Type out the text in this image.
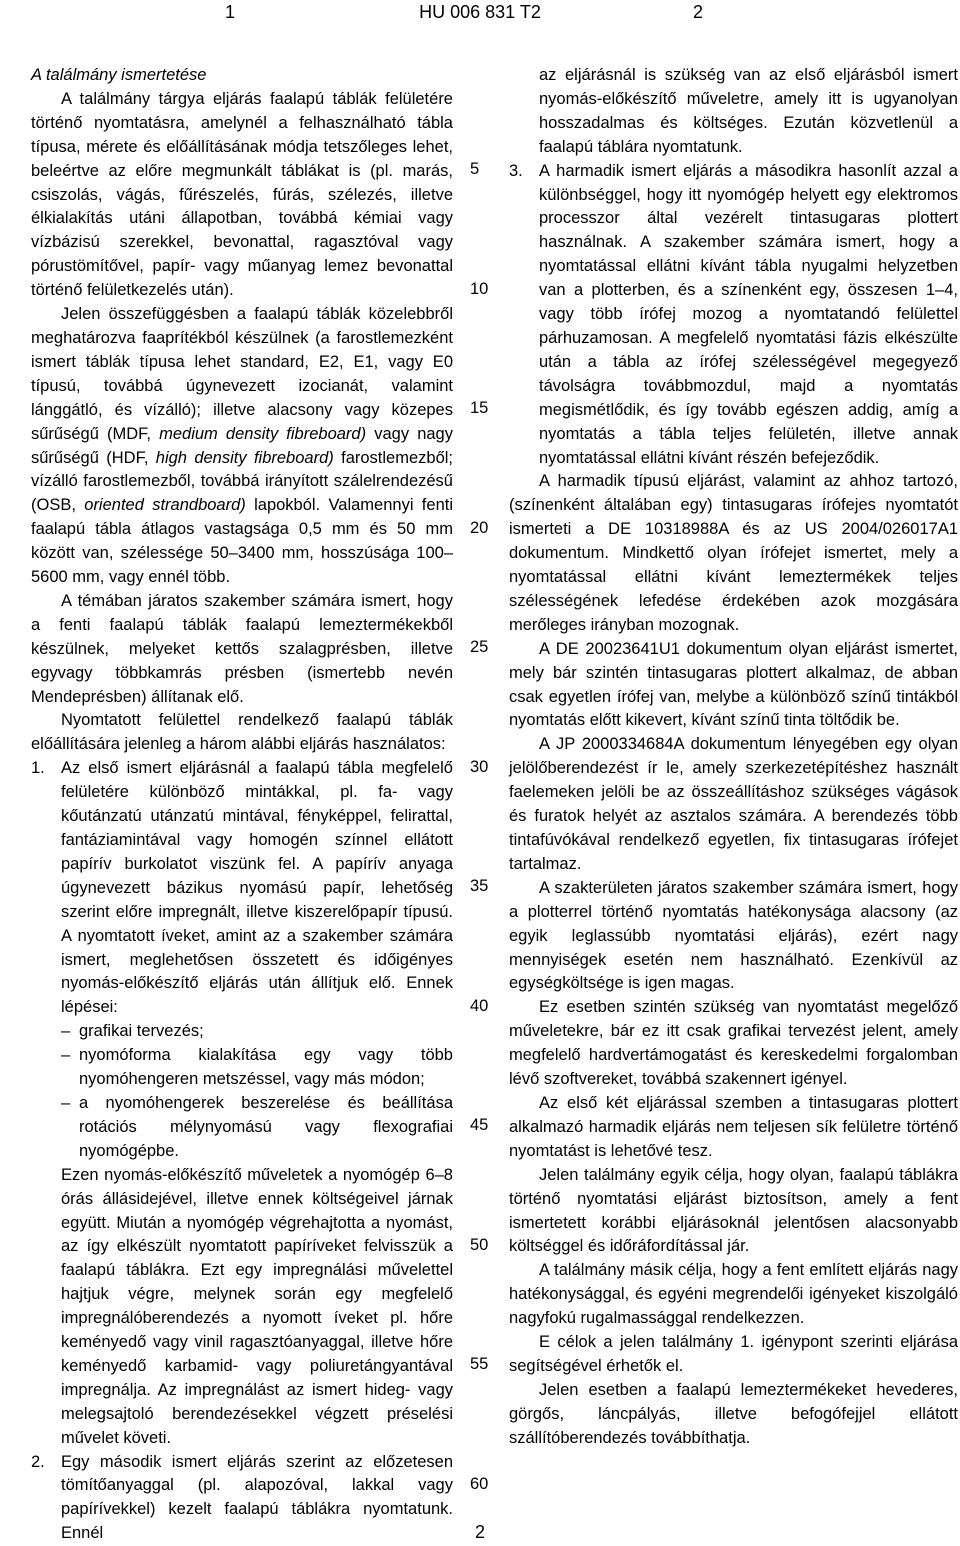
1	HU 006 831 T2	2

A találmány ismertetése

A találmány tárgya eljárás faalapú táblák felületére történő nyomtatásra, amelynél a felhasználható tábla típusa, mérete és előállításának módja tetszőleges lehet, beleértve az előre megmunkált táblákat is (pl. marás, csiszolás, vágás, fűrészelés, fúrás, szélezés, illetve élkialakítás utáni állapotban, továbbá kémiai vagy vízbázisú szerekkel, bevonattal, ragasztóval vagy pórustömítővel, papír- vagy műanyag lemez bevonattal történő felületkezelés után).

Jelen összefüggésben a faalapú táblák közelebbről meghatározva faaprítékból készülnek (a farostlemezként ismert táblák típusa lehet standard, E2, E1, vagy E0 típusú, továbbá úgynevezett izocianát, valamint lánggátló, és vízálló); illetve alacsony vagy közepes sűrűségű (MDF, medium density fibreboard) vagy nagy sűrűségű (HDF, high density fibreboard) farostlemezből; vízálló farostlemezből, továbbá irányított szálelrendezésű (OSB, oriented strandboard) lapokból. Valamennyi fenti faalapú tábla átlagos vastagsága 0,5 mm és 50 mm között van, szélessége 50–3400 mm, hosszúsága 100–5600 mm, vagy ennél több.

A témában járatos szakember számára ismert, hogy a fenti faalapú táblák faalapú lemeztermékekből készülnek, melyeket kettős szalagprésben, illetve egyvagy többkamrás présben (ismertebb nevén Mendeprésben) állítanak elő.

Nyomtatott felülettel rendelkező faalapú táblák előállítására jelenleg a három alábbi eljárás használatos:

1. Az első ismert eljárásnál a faalapú tábla megfelelő felületére különböző mintákkal, pl. fa- vagy kőutánzatú utánzatú mintával, fényképpel, felirattal, fantáziamintával vagy homogén színnel ellátott papírív burkolatot viszünk fel. A papírív anyaga úgynevezett bázikus nyomású papír, lehetőség szerint előre impregnált, illetve kiszerelőpapír típusú. A nyomtatott íveket, amint az a szakember számára ismert, meglehetősen összetett és időigényes nyomás-előkészítő eljárás után állítjuk elő. Ennek lépései:

– grafikai tervezés;

– nyomóforma kialakítása egy vagy több nyomóhengeren metszéssel, vagy más módon;

– a nyomóhengerek beszerelése és beállítása rotációs mélynyomású vagy flexografiai nyomógépbe.

Ezen nyomás-előkészítő műveletek a nyomógép 6–8 órás állásidejével, illetve ennek költségeivel járnak együtt. Miután a nyomógép végrehajtotta a nyomást, az így elkészült nyomtatott papíríveket felvisszük a faalapú táblákra. Ezt egy impregnálási művelettel hajtjuk végre, melynek során egy megfelelő impregnálóberendezés a nyomott íveket pl. hőre keményedő vagy vinil ragasztóanyaggal, illetve hőre keményedő karbamid- vagy poliuretángyantával impregnálja. Az impregnálást az ismert hideg- vagy melegsajtoló berendezésekkel végzett préselési művelet követi.

2. Egy második ismert eljárás szerint az előzetesen tömítőanyaggal (pl. alapozóval, lakkal vagy papírívekkel) kezelt faalapú táblákra nyomtatunk. Ennél

5
10
15
20
25
30
35
40
45
50
55
60

az eljárásnál is szükség van az első eljárásból ismert nyomás-előkészítő műveletre, amely itt is ugyanolyan hosszadalmas és költséges. Ezután közvetlenül a faalapú táblára nyomtatunk.

3. A harmadik ismert eljárás a másodikra hasonlít azzal a különbséggel, hogy itt nyomógép helyett egy elektromos processzor által vezérelt tintasugaras plottert használnak. A szakember számára ismert, hogy a nyomtatással ellátni kívánt tábla nyugalmi helyzetben van a plotterben, és a színenként egy, összesen 1–4, vagy több írófej mozog a nyomtatandó felülettel párhuzamosan. A megfelelő nyomtatási fázis elkészülte után a tábla az írófej szélességével megegyező távolságra továbbmozdul, majd a nyomtatás megismétlődik, és így tovább egészen addig, amíg a nyomtatás a tábla teljes felületén, illetve annak nyomtatással ellátni kívánt részén befejeződik.

A harmadik típusú eljárást, valamint az ahhoz tartozó, (színenként általában egy) tintasugaras írófejes nyomtatót ismerteti a DE 10318988A és az US 2004/026017A1 dokumentum. Mindkettő olyan írófejet ismertet, mely a nyomtatással ellátni kívánt lemeztermékek teljes szélességének lefedése érdekében azok mozgására merőleges irányban mozognak.

A DE 20023641U1 dokumentum olyan eljárást ismertet, mely bár szintén tintasugaras plottert alkalmaz, de abban csak egyetlen írófej van, melybe a különböző színű tintákból nyomtatás előtt kikevert, kívánt színű tinta töltődik be.

A JP 2000334684A dokumentum lényegében egy olyan jelölőberendezést ír le, amely szerkezetépítéshez használt faelemeken jelöli be az összeállításhoz szükséges vágások és furatok helyét az asztalos számára. A berendezés több tintafúvókával rendelkező egyetlen, fix tintasugaras írófejet tartalmaz.

A szakterületen járatos szakember számára ismert, hogy a plotterrel történő nyomtatás hatékonysága alacsony (az egyik leglassúbb nyomtatási eljárás), ezért nagy mennyiségek esetén nem használható. Ezenkívül az egységköltsége is igen magas.

Ez esetben szintén szükség van nyomtatást megelőző műveletekre, bár ez itt csak grafikai tervezést jelent, amely megfelelő hardvertámogatást és kereskedelmi forgalomban lévő szoftvereket, továbbá szakennert igényel.

Az első két eljárással szemben a tintasugaras plottert alkalmazó harmadik eljárás nem teljesen sík felületre történő nyomtatást is lehetővé tesz.

Jelen találmány egyik célja, hogy olyan, faalapú táblákra történő nyomtatási eljárást biztosítson, amely a fent ismertetett korábbi eljárásoknál jelentősen alacsonyabb költséggel és időráfordítással jár.

A találmány másik célja, hogy a fent említett eljárás nagy hatékonysággal, és egyéni megrendelői igényeket kiszolgáló nagyfokú rugalmassággal rendelkezzen.

E célok a jelen találmány 1. igénypont szerinti eljárása segítségével érhetők el.

Jelen esetben a faalapú lemeztermékeket hevederes, görgős, láncpályás, illetve befogófejjel ellátott szállítóberendezés továbbíthatja.

2
